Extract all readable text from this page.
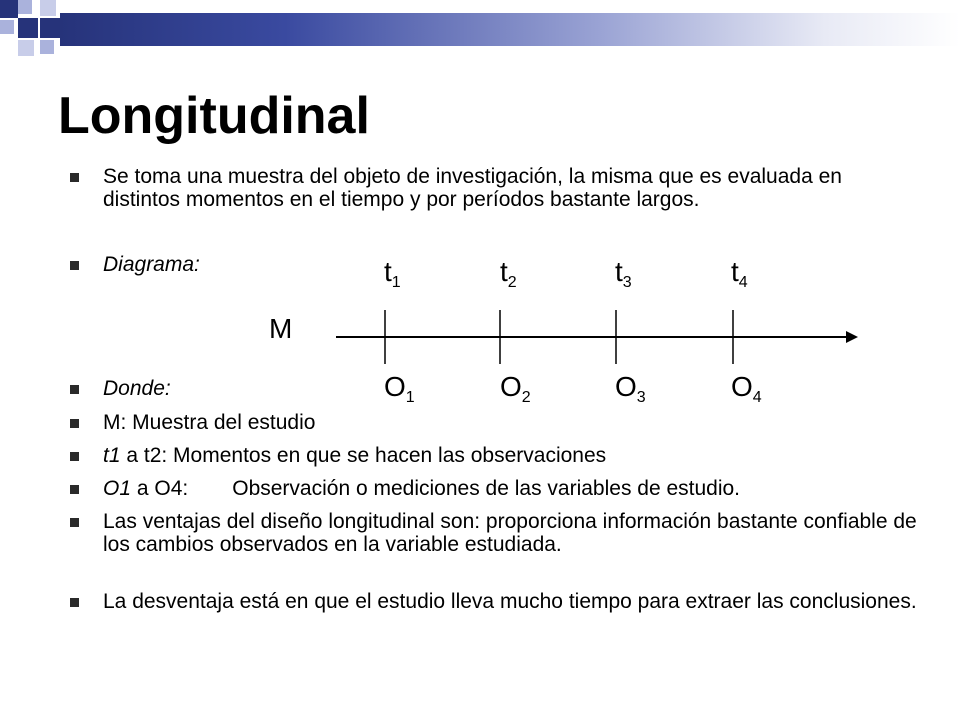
Longitudinal
Se toma una muestra del objeto de investigación, la misma que es evaluada en distintos momentos en el tiempo y por períodos bastante largos.
Diagrama:
Donde:
M: Muestra del estudio
t1 a t2: Momentos en que se hacen las observaciones
O1 a O4: Observación o mediciones de las variables de estudio.
Las ventajas del diseño longitudinal son: proporciona información bastante confiable de los cambios observados en la variable estudiada.
La desventaja está en que el estudio lleva mucho tiempo para extraer las conclusiones.
M
$t_1$	$t_2$	$t_3$	$t_4$
$O_1$	$O_2$	$O_3$	$O_4$
